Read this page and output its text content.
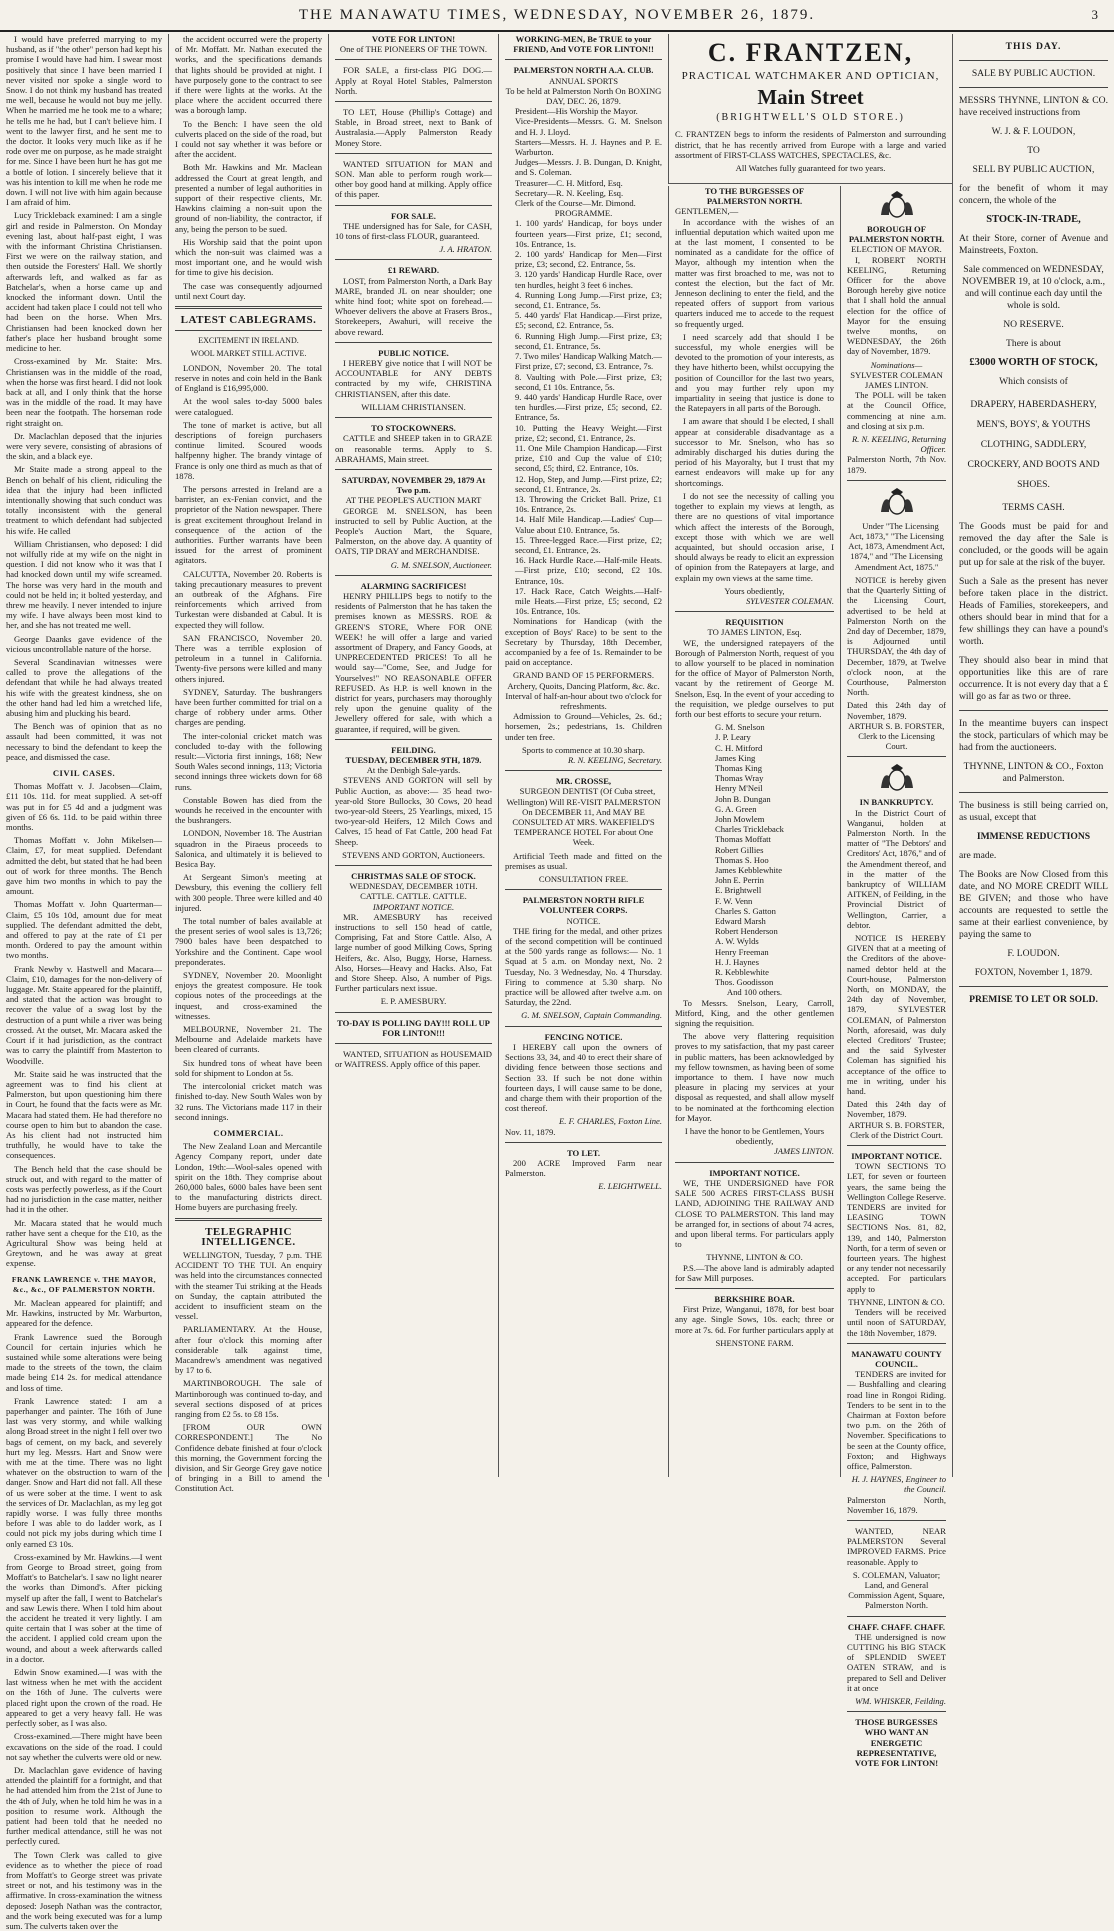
THE MANAWATU TIMES, WEDNESDAY, NOVEMBER 26, 1879.	3

I would have preferred marrying to my husband, as if "the other" person had kept his promise I would have had him. I swear most positively that since I have been married I never visited nor spoke a single word to Snow. I do not think my husband has treated me well, because he would not buy me jelly. When he married me he took me to a whare; he tells me he had, but I can't believe him. I went to the lawyer first, and he sent me to the doctor. It looks very much like as if he rode over me on purpose, as he made straight for me. Since I have been hurt he has got me a bottle of lotion. I sincerely believe that it was his intention to kill me when he rode me down. I will not live with him again because I am afraid of him.

Lucy Trickleback examined: I am a single girl and reside in Palmerston. On Monday evening last, about half-past eight, I was with the informant Christina Christiansen. First we were on the railway station, and then outside the Foresters' Hall. We shortly afterwards left, and walked as far as Batchelar's, when a horse came up and knocked the informant down. Until the accident had taken place I could not tell who had been on the horse. When Mrs. Christiansen had been knocked down her father's place her husband brought some medicine to her.

Cross-examined by Mr. Staite: Mrs. Christiansen was in the middle of the road, when the horse was first heard. I did not look back at all, and I only think that the horse was in the middle of the road. It may have been near the footpath. The horseman rode right straight on.

Dr. Maclachlan deposed that the injuries were very severe, consisting of abrasions of the skin, and a black eye.

Mr Staite made a strong appeal to the Bench on behalf of his client, ridiculing the idea that the injury had been inflicted intentionally showing that such conduct was totally inconsistent with the general treatment to which defendant had subjected his wife. He called

William Christiansen, who deposed: I did not wilfully ride at my wife on the night in question. I did not know who it was that I had knocked down until my wife screamed. The horse was very hard in the mouth and could not be held in; it bolted yesterday, and threw me heavily. I never intended to injure my wife. I have always been most kind to her, and she has not treated me well.

George Daanks gave evidence of the vicious uncontrollable nature of the horse.

Several Scandinavian witnesses were called to prove the allegations of the defendant that while he had always treated his wife with the greatest kindness, she on the other hand had led him a wretched life, abusing him and plucking his beard.

The Bench was of opinion that as no assault had been committed, it was not necessary to bind the defendant to keep the peace, and dismissed the case.

CIVIL CASES.

Thomas Moffatt v. J. Jacobsen—Claim, £11 10s. 11d. for meat supplied. A set-off was put in for £5 4d and a judgment was given of £6 6s. 11d. to be paid within three months.

Thomas Moffatt v. John Mikelsen—Claim, £7, for meat supplied. Defendant admitted the debt, but stated that he had been out of work for three months. The Bench gave him two months in which to pay the amount.

Thomas Moffatt v. John Quarterman—Claim, £5 10s 10d, amount due for meat supplied. The defendant admitted the debt, and offered to pay at the rate of £1 per month. Ordered to pay the amount within two months.

Frank Newby v. Hastwell and Macara—Claim, £10, damages for the non-delivery of luggage. Mr. Staite appeared for the plaintiff, and stated that the action was brought to recover the value of a swag lost by the destruction of a punt while a river was being crossed. At the outset, Mr. Macara asked the Court if it had jurisdiction, as the contract was to carry the plaintiff from Masterton to Woodville.

Mr. Staite said he was instructed that the agreement was to find his client at Palmerston, but upon questioning him there in Court, he found that the facts were as Mr. Macara had stated them. He had therefore no course open to him but to abandon the case. As his client had not instructed him truthfully, he would have to take the consequences.

The Bench held that the case should be struck out, and with regard to the matter of costs was perfectly powerless, as if the Court had no jurisdiction in the case matter, neither had it in the other.

Mr. Macara stated that he would much rather have sent a cheque for the £10, as the Agricultural Show was being held at Greytown, and he was away at great expense.

FRANK LAWRENCE v. THE MAYOR, &c., &c., OF PALMERSTON NORTH.

Mr. Maclean appeared for plaintiff; and Mr. Hawkins, instructed by Mr. Warburton, appeared for the defence.

Frank Lawrence sued the Borough Council for certain injuries which he sustained while some alterations were being made to the streets of the town, the claim made being £14 2s. for medical attendance and loss of time.

Frank Lawrence stated: I am a paperhanger and painter. The 16th of June last was very stormy, and while walking along Broad street in the night I fell over two bags of cement, on my back, and severely hurt my leg. Messrs. Hart and Snow were with me at the time. There was no light whatever on the obstruction to warn of the danger. Snow and Hart did not fall. All these of us were sober at the time. I went to ask the services of Dr. Maclachlan, as my leg got rapidly worse. I was fully three months before I was able to do ladder work, as I could not pick my jobs during which time I only earned £3 10s.

Cross-examined by Mr. Hawkins.—I went from George to Broad street, going from Moffatt's to Batchelar's. I saw no light nearer the works than Dimond's. After picking myself up after the fall, I went to Batchelar's and saw Lewis there. When I told him about the accident he treated it very lightly. I am quite certain that I was sober at the time of the accident. I applied cold cream upon the wound, and about a week afterwards called in a doctor.

Edwin Snow examined.—I was with the last witness when he met with the accident on the 16th of June. The culverts were placed right upon the crown of the road. He appeared to get a very heavy fall. He was perfectly sober, as I was also.

Cross-examined.—There might have been excavations on the side of the road. I could not say whether the culverts were old or new.

Dr. Maclachlan gave evidence of having attended the plaintiff for a fortnight, and that he had attended him from the 21st of June to the 4th of July, when he told him he was in a position to resume work. Although the patient had been told that he needed no further medical attendance, still he was not perfectly cured.

The Town Clerk was called to give evidence as to whether the piece of road from Moffatt's to George street was private street or not, and his testimony was in the affirmative. In cross-examination the witness deposed: Joseph Nathan was the contractor, and the work being executed was for a lump sum. The culverts taken over the

the accident occurred were the property of Mr. Moffatt. Mr. Nathan executed the works, and the specifications demands that lights should be provided at night. I have purposely gone to the contract to see if there were lights at the works. At the place where the accident occurred there was a borough lamp.

To the Bench: I have seen the old culverts placed on the side of the road, but I could not say whether it was before or after the accident.

Both Mr. Hawkins and Mr. Maclean addressed the Court at great length, and presented a number of legal authorities in support of their respective clients, Mr. Hawkins claiming a non-suit upon the ground of non-liability, the contractor, if any, being the person to be sued.

His Worship said that the point upon which the non-suit was claimed was a most important one, and he would wish for time to give his decision.

The case was consequently adjourned until next Court day.

LATEST CABLEGRAMS.
EXCITEMENT IN IRELAND.
WOOL MARKET STILL ACTIVE.

LONDON, November 20. The total reserve in notes and coin held in the Bank of England is £16,995,000.

At the wool sales to-day 5000 bales were catalogued.

The tone of market is active, but all descriptions of foreign purchasers continue limited. Scoured woods halfpenny higher. The brandy vintage of France is only one third as much as that of 1878.

The persons arrested in Ireland are a barrister, an ex-Fenian convict, and the proprietor of the Nation newspaper. There is great excitement throughout Ireland in consequence of the action of the authorities. Further warrants have been issued for the arrest of prominent agitators.

CALCUTTA, November 20. Roberts is taking precautionary measures to prevent an outbreak of the Afghans. Fire reinforcements which arrived from Turkestan were disbanded at Cabul. It is expected they will follow.

SAN FRANCISCO, November 20. There was a terrible explosion of petroleum in a tunnel in California. Twenty-five persons were killed and many others injured.

SYDNEY, Saturday. The bushrangers have been further committed for trial on a charge of robbery under arms. Other charges are pending.

The inter-colonial cricket match was concluded to-day with the following result:—Victoria first innings, 168; New South Wales second innings, 113; Victoria second innings three wickets down for 68 runs.

Constable Bowen has died from the wounds he received in the encounter with the bushrangers.

LONDON, November 18. The Austrian squadron in the Piraeus proceeds to Salonica, and ultimately it is believed to Besica Bay.

At Sergeant Simon's meeting at Dewsbury, this evening the colliery fell with 300 people. Three were killed and 40 injured.

The total number of bales available at the present series of wool sales is 13,726; 7900 bales have been despatched to Yorkshire and the Continent. Cape wool preponderates.

SYDNEY, November 20. Moonlight enjoys the greatest composure. He took copious notes of the proceedings at the inquest, and cross-examined the witnesses.

MELBOURNE, November 21. The Melbourne and Adelaide markets have been cleared of currants.

Six hundred tons of wheat have been sold for shipment to London at 5s.

The intercolonial cricket match was finished to-day. New South Wales won by 32 runs. The Victorians made 117 in their second innings.

COMMERCIAL.

The New Zealand Loan and Mercantile Agency Company report, under date London, 19th:—Wool-sales opened with spirit on the 18th. They comprise about 260,000 bales, 6000 bales have been sent to the manufacturing districts direct. Home buyers are purchasing freely.

TELEGRAPHIC INTELLIGENCE.

WELLINGTON, Tuesday, 7 p.m. THE ACCIDENT TO THE TUI. An enquiry was held into the circumstances connected with the steamer Tui striking at the Heads on Sunday, the captain attributed the accident to insufficient steam on the vessel.

PARLIAMENTARY. At the House, after four o'clock this morning after considerable talk against time, Macandrew's amendment was negatived by 17 to 6.

MARTINBOROUGH. The sale of Martinborough was continued to-day, and several sections disposed of at prices ranging from £2 5s. to £8 15s.

[FROM OUR OWN CORRESPONDENT.] The No Confidence debate finished at four o'clock this morning, the Government forcing the division, and Sir George Grey gave notice of bringing in a Bill to amend the Constitution Act.

VOTE FOR LINTON!
One of THE PIONEERS OF THE TOWN.

FOR SALE, a first-class PIG DOG.—Apply at Royal Hotel Stables, Palmerston North.

TO LET, House (Phillip's Cottage) and Stable, in Broad street, next to Bank of Australasia.—Apply Palmerston Ready Money Store.

WANTED SITUATION for MAN and SON. Man able to perform rough work—other boy good hand at milking. Apply office of this paper.

FOR SALE.

THE undersigned has for Sale, for CASH, 10 tons of first-class FLOUR, guaranteed.

J. A. HRATON.
£1 REWARD.

LOST, from Palmerston North, a Dark Bay MARE, branded JL on near shoulder; one white hind foot; white spot on forehead.—Whoever delivers the above at Frasers Bros., Storekeepers, Awahuri, will receive the above reward.

PUBLIC NOTICE.

I HEREBY give notice that I will NOT be ACCOUNTABLE for ANY DEBTS contracted by my wife, CHRISTINA CHRISTIANSEN, after this date.

WILLIAM CHRISTIANSEN.
TO STOCKOWNERS.

CATTLE and SHEEP taken in to GRAZE on reasonable terms. Apply to S. ABRAHAMS, Main street.

SATURDAY, NOVEMBER 29, 1879 At Two p.m.
AT THE PEOPLE'S AUCTION MART

GEORGE M. SNELSON, has been instructed to sell by Public Auction, at the People's Auction Mart, the Square, Palmerston, on the above day. A quantity of OATS, TIP DRAY and MERCHANDISE.

G. M. SNELSON, Auctioneer.
ALARMING SACRIFICES!

HENRY PHILLIPS begs to notify to the residents of Palmerston that he has taken the premises known as MESSRS. ROE & GREEN'S STORE, Where FOR ONE WEEK! he will offer a large and varied assortment of Drapery, and Fancy Goods, at UNPRECEDENTED PRICES! To all he would say—"Come, See, and Judge for Yourselves!" NO REASONABLE OFFER REFUSED. As H.P. is well known in the district for years, purchasers may thoroughly rely upon the genuine quality of the Jewellery offered for sale, with which a guarantee, if required, will be given.

FEILDING.
TUESDAY, DECEMBER 9TH, 1879.
At the Denbigh Sale-yards.

STEVENS AND GORTON will sell by Public Auction, as above:— 35 head two-year-old Store Bullocks, 30 Cows, 20 head two-year-old Steers, 25 Yearlings, mixed, 15 two-year-old Heifers, 12 Milch Cows and Calves, 15 head of Fat Cattle, 200 head Fat Sheep.

STEVENS AND GORTON, Auctioneers.
CHRISTMAS SALE OF STOCK.
WEDNESDAY, DECEMBER 10TH.
CATTLE. CATTLE. CATTLE.
IMPORTANT NOTICE.

MR. AMESBURY has received instructions to sell 150 head of cattle, Comprising, Fat and Store Cattle. Also, A large number of good Milking Cows, Spring Heifers, &c. Also, Buggy, Horse, Harness. Also, Horses—Heavy and Hacks. Also, Fat and Store Sheep. Also, A number of Pigs. Further particulars next issue.

E. P. AMESBURY.
TO-DAY IS POLLING DAY!!! ROLL UP FOR LINTON!!!

WANTED, SITUATION as HOUSEMAID or WAITRESS. Apply office of this paper.

WORKING-MEN, Be TRUE to your FRIEND, And VOTE FOR LINTON!!
PALMERSTON NORTH A.A. CLUB.
ANNUAL SPORTS
To be held at Palmerston North On BOXING DAY, DEC. 26, 1879.
President—His Worship the Mayor.
Vice-Presidents—Messrs. G. M. Snelson and H. J. Lloyd.
Starters—Messrs. H. J. Haynes and P. E. Warburton.
Judges—Messrs. J. B. Dungan, D. Knight, and S. Coleman.
Treasurer—C. H. Mitford, Esq.
Secretary—R. N. Keeling, Esq.
Clerk of the Course—Mr. Dimond.
PROGRAMME.
1. 100 yards' Handicap, for boys under fourteen years—First prize, £1; second, 10s. Entrance, 1s.
2. 100 yards' Handicap for Men—First prize, £3; second, £2. Entrance, 5s.
3. 120 yards' Handicap Hurdle Race, over ten hurdles, height 3 feet 6 inches.
4. Running Long Jump.—First prize, £3; second, £1. Entrance, 5s.
5. 440 yards' Flat Handicap.—First prize, £5; second, £2. Entrance, 5s.
6. Running High Jump.—First prize, £3; second, £1. Entrance, 5s.
7. Two miles' Handicap Walking Match.—First prize, £7; second, £3. Entrance, 7s.
8. Vaulting with Pole.—First prize, £3; second, £1 10s. Entrance, 5s.
9. 440 yards' Handicap Hurdle Race, over ten hurdles.—First prize, £5; second, £2. Entrance, 5s.
10. Putting the Heavy Weight.—First prize, £2; second, £1. Entrance, 2s.
11. One Mile Champion Handicap.—First prize, £10 and Cup the value of £10; second, £5; third, £2. Entrance, 10s.
12. Hop, Step, and Jump.—First prize, £2; second, £1. Entrance, 2s.
13. Throwing the Cricket Ball. Prize, £1 10s. Entrance, 2s.
14. Half Mile Handicap.—Ladies' Cup—Value about £10. Entrance, 5s.
15. Three-legged Race.—First prize, £2; second, £1. Entrance, 2s.
16. Hack Hurdle Race.—Half-mile Heats.—First prize, £10; second, £2 10s. Entrance, 10s.
17. Hack Race, Catch Weights.—Half-mile Heats.—First prize, £5; second, £2 10s. Entrance, 10s.

Nominations for Handicap (with the exception of Boys' Race) to be sent to the Secretary by Thursday, 18th December, accompanied by a fee of 1s. Remainder to be paid on acceptance.

GRAND BAND OF 15 PERFORMERS.
Archery, Quoits, Dancing Platform, &c. &c.
Interval of half-an-hour about two o'clock for refreshments.

Admission to Ground—Vehicles, 2s. 6d.; horsemen, 2s.; pedestrians, 1s. Children under ten free.

Sports to commence at 10.30 sharp.
R. N. KEELING, Secretary.
MR. CROSSE,

SURGEON DENTIST (Of Cuba street, Wellington) Will RE-VISIT PALMERSTON On DECEMBER 11, And MAY BE CONSULTED AT MRS. WAKEFIELD'S TEMPERANCE HOTEL For about One Week.

Artificial Teeth made and fitted on the premises as usual.

CONSULTATION FREE.
PALMERSTON NORTH RIFLE VOLUNTEER CORPS.
NOTICE.

THE firing for the medal, and other prizes of the second competition will be continued at the 500 yards range as follows:— No. 1 Squad at 5 a.m. on Monday next, No. 2 Tuesday, No. 3 Wednesday, No. 4 Thursday. Firing to commence at 5.30 sharp. No practice will be allowed after twelve a.m. on Saturday, the 22nd.

G. M. SNELSON, Captain Commanding.
FENCING NOTICE.

I HEREBY call upon the owners of Sections 33, 34, and 40 to erect their share of dividing fence between those sections and Section 33. If such be not done within fourteen days, I will cause same to be done, and charge them with their proportion of the cost thereof.

E. F. CHARLES, Foxton Line.
Nov. 11, 1879.
TO LET.

200 ACRE Improved Farm near Palmerston.

E. LEIGHTWELL.
C. FRANTZEN,
PRACTICAL WATCHMAKER AND OPTICIAN,
Main Street
(BRIGHTWELL'S OLD STORE.)
C. FRANTZEN begs to inform the residents of Palmerston and surrounding district, that he has recently arrived from Europe with a large and varied assortment of FIRST-CLASS WATCHES, SPECTACLES, &c.
All Watches fully guaranteed for two years.
TO THE BURGESSES OF PALMERSTON NORTH.
GENTLEMEN,—

In accordance with the wishes of an influential deputation which waited upon me at the last moment, I consented to be nominated as a candidate for the office of Mayor, although my intention when the matter was first broached to me, was not to contest the election, but the fact of Mr. Jenneson declining to enter the field, and the repeated offers of support from various quarters induced me to accede to the request so frequently urged.

I need scarcely add that should I be successful, my whole energies will be devoted to the promotion of your interests, as they have hitherto been, whilst occupying the position of Councillor for the last two years, and you may further rely upon my impartiality in seeing that justice is done to the Ratepayers in all parts of the Borough.

I am aware that should I be elected, I shall appear at considerable disadvantage as a successor to Mr. Snelson, who has so admirably discharged his duties during the period of his Mayoralty, but I trust that my earnest endeavors will make up for any shortcomings.

I do not see the necessity of calling you together to explain my views at length, as there are no questions of vital importance which affect the interests of the Borough, except those with which we are well acquainted, but should occasion arise, I should always be ready to elicit an expression of opinion from the Ratepayers at large, and explain my own views at the same time.

Yours obediently,
SYLVESTER COLEMAN.
REQUISITION
TO JAMES LINTON, Esq.

WE, the undersigned ratepayers of the Borough of Palmerston North, request of you to allow yourself to be placed in nomination for the office of Mayor of Palmerston North, vacant by the retirement of George M. Snelson, Esq. In the event of your acceding to the requisition, we pledge ourselves to put forth our best efforts to secure your return.

G. M. Snelson
J. P. Leary
C. H. Mitford
James King
Thomas King
Thomas Wray
Henry M'Neil
John B. Dungan
G. A. Green
John Mowlem
Charles Trickleback
Thomas Moffatt
Robert Gillies
Thomas S. Hoo
James Kebblewhite
John E. Perrin
E. Brightwell
F. W. Venn
Charles S. Gatton
Edward Marsh
Robert Henderson
A. W. Wylds
Henry Freeman
H. J. Haynes
R. Kebblewhite
Thos. Goodisson
And 100 others.

To Messrs. Snelson, Leary, Carroll, Mitford, King, and the other gentlemen signing the requisition.

The above very flattering requisition proves to my satisfaction, that my past career in public matters, has been acknowledged by my fellow townsmen, as having been of some importance to them. I have now much pleasure in placing my services at your disposal as requested, and shall allow myself to be nominated at the forthcoming election for Mayor.

I have the honor to be Gentlemen, Yours obediently,
JAMES LINTON.
IMPORTANT NOTICE.

WE, THE UNDERSIGNED have FOR SALE 500 ACRES FIRST-CLASS BUSH LAND, ADJOINING THE RAILWAY AND CLOSE TO PALMERSTON. This land may be arranged for, in sections of about 74 acres, and upon liberal terms. For particulars apply to

THYNNE, LINTON & CO.

P.S.—The above land is admirably adapted for Saw Mill purposes.

BERKSHIRE BOAR.

First Prize, Wanganui, 1878, for best boar any age. Single Sows, 10s. each; three or more at 7s. 6d. For further particulars apply at

SHENSTONE FARM.
BOROUGH OF PALMERSTON NORTH.
ELECTION OF MAYOR.

I, ROBERT NORTH KEELING, Returning Officer for the above Borough hereby give notice that I shall hold the annual election for the office of Mayor for the ensuing twelve months, on WEDNESDAY, the 26th day of November, 1879.

Nominations—
SYLVESTER COLEMAN
JAMES LINTON.

The POLL will be taken at the Council Office, commencing at nine a.m. and closing at six p.m.

R. N. KEELING, Returning Officer.
Palmerston North, 7th Nov. 1879.

Under "The Licensing Act, 1873," "The Licensing Act, 1873, Amendment Act, 1874," and "The Licensing Amendment Act, 1875."

NOTICE is hereby given that the Quarterly Sitting of the Licensing Court, advertised to be held at Palmerston North on the 2nd day of December, 1879, is Adjourned until THURSDAY, the 4th day of December, 1879, at Twelve o'clock noon, at the Courthouse, Palmerston North.

Dated this 24th day of November, 1879.
ARTHUR S. B. FORSTER, Clerk to the Licensing Court.
IN BANKRUPTCY.

In the District Court of Wanganui, holden at Palmerston North. In the matter of "The Debtors' and Creditors' Act, 1876," and of the Amendment thereof, and in the matter of the bankruptcy of WILLIAM AITKEN, of Feilding, in the Provincial District of Wellington, Carrier, a debtor.

NOTICE IS HEREBY GIVEN that at a meeting of the Creditors of the above-named debtor held at the Court-house, Palmerston North, on MONDAY, the 24th day of November, 1879, SYLVESTER COLEMAN, of Palmerston North, aforesaid, was duly elected Creditors' Trustee; and the said Sylvester Coleman has signified his acceptance of the office to me in writing, under his hand.

Dated this 24th day of November, 1879.
ARTHUR S. B. FORSTER, Clerk of the District Court.
IMPORTANT NOTICE.

TOWN SECTIONS TO LET, for seven or fourteen years, the same being the Wellington College Reserve. TENDERS are invited for LEASING TOWN SECTIONS Nos. 81, 82, 139, and 140, Palmerston North, for a term of seven or fourteen years. The highest or any tender not necessarily accepted. For particulars apply to

THYNNE, LINTON & CO.

Tenders will be received until noon of SATURDAY, the 18th November, 1879.

MANAWATU COUNTY COUNCIL.

TENDERS are invited for— Bushfalling and clearing road line in Rongoi Riding. Tenders to be sent in to the Chairman at Foxton before two p.m. on the 26th of November. Specifications to be seen at the County office, Foxton; and Highways office, Palmerston.

H. J. HAYNES, Engineer to the Council.
Palmerston North, November 16, 1879.

WANTED, NEAR PALMERSTON Several IMPROVED FARMS. Price reasonable. Apply to

S. COLEMAN, Valuator; Land, and General Commission Agent, Square, Palmerston North.
CHAFF. CHAFF. CHAFF.

THE undersigned is now CUTTING his BIG STACK of SPLENDID SWEET OATEN STRAW, and is prepared to Sell and Deliver it at once

WM. WHISKER, Feilding.
THOSE BURGESSES WHO WANT AN ENERGETIC REPRESENTATIVE, VOTE FOR LINTON!
THIS DAY.
SALE BY PUBLIC AUCTION.
MESSRS THYNNE, LINTON & CO. have received instructions from
W. J. & F. LOUDON,
TO
SELL BY PUBLIC AUCTION,
for the benefit of whom it may concern, the whole of the
STOCK-IN-TRADE,
At their Store, corner of Avenue and Mainstreets, Foxton.
Sale commenced on WEDNESDAY, NOVEMBER 19, at 10 o'clock, a.m., and will continue each day until the whole is sold.
NO RESERVE.
There is about
£3000 WORTH OF STOCK,
Which consists of
DRAPERY, HABERDASHERY, MEN'S, BOYS', & YOUTHS CLOTHING, SADDLERY, CROCKERY, AND BOOTS AND SHOES.
TERMS CASH.
The Goods must be paid for and removed the day after the Sale is concluded, or the goods will be again put up for sale at the risk of the buyer.
Such a Sale as the present has never before taken place in the district. Heads of Families, storekeepers, and others should bear in mind that for a few shillings they can have a pound's worth.
They should also bear in mind that opportunities like this are of rare occurrence. It is not every day that a £ will go as far as two or three.
In the meantime buyers can inspect the stock, particulars of which may be had from the auctioneers.
THYNNE, LINTON & CO., Foxton and Palmerston.
The business is still being carried on, as usual, except that
IMMENSE REDUCTIONS
are made.
The Books are Now Closed from this date, and NO MORE CREDIT WILL BE GIVEN; and those who have accounts are requested to settle the same at their earliest convenience, by paying the same to
F. LOUDON.
FOXTON, November 1, 1879.
PREMISE TO LET OR SOLD.
